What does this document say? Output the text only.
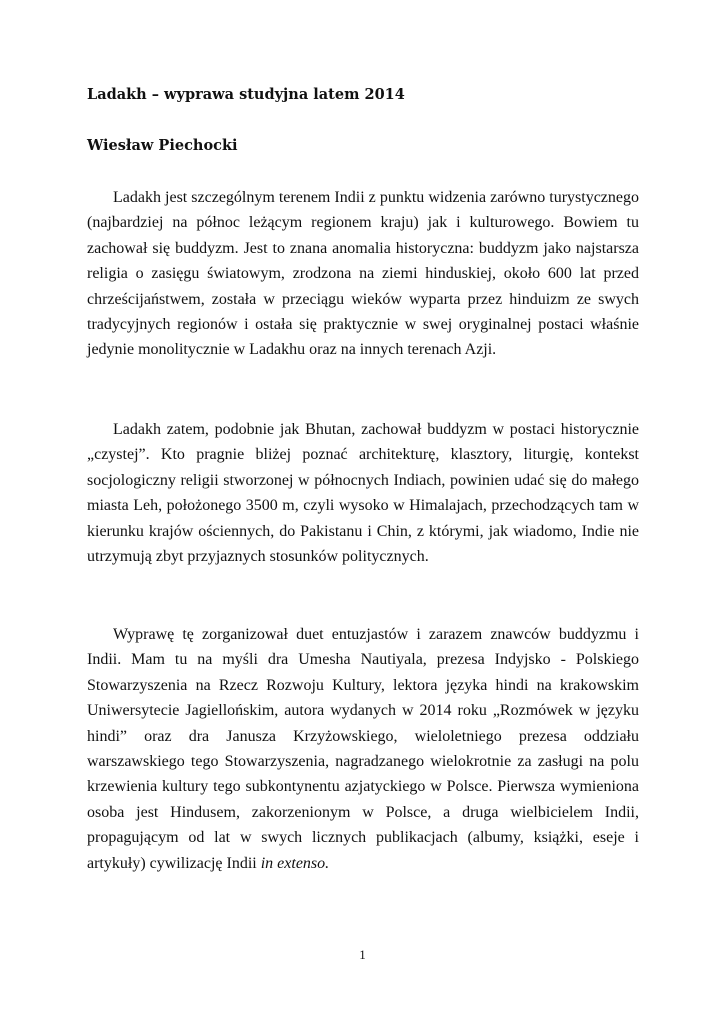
Ladakh – wyprawa studyjna latem 2014

Wiesław Piechocki

Ladakh jest szczególnym terenem Indii z punktu widzenia zarówno turystycznego (najbardziej na północ leżącym regionem kraju) jak i kulturowego. Bowiem tu zachował się buddyzm. Jest to znana anomalia historyczna: buddyzm jako najstarsza religia o zasięgu światowym, zrodzona na ziemi hinduskiej, około 600 lat przed chrześcijaństwem, została w przeciągu wieków wyparta przez hinduizm ze swych tradycyjnych regionów i ostała się praktycznie w swej oryginalnej postaci właśnie jedynie monolitycznie w Ladakhu oraz na innych terenach Azji.

Ladakh zatem, podobnie jak Bhutan, zachował buddyzm w postaci historycznie „czystej”. Kto pragnie bliżej poznać architekturę, klasztory, liturgię, kontekst socjologiczny religii stworzonej w północnych Indiach, powinien udać się do małego miasta Leh, położonego 3500 m, czyli wysoko w Himalajach, przechodzących tam w kierunku krajów ościennych, do Pakistanu i Chin, z którymi, jak wiadomo, Indie nie utrzymują zbyt przyjaznych stosunków politycznych.

Wyprawę tę zorganizował duet entuzjastów i zarazem znawców buddyzmu i Indii. Mam tu na myśli dra Umesha Nautiyala, prezesa Indyjsko - Polskiego Stowarzyszenia na Rzecz Rozwoju Kultury, lektora języka hindi na krakowskim Uniwersytecie Jagiellońskim, autora wydanych w 2014 roku „Rozmówek w języku hindi” oraz dra Janusza Krzyżowskiego, wieloletniego prezesa oddziału warszawskiego tego Stowarzyszenia, nagradzanego wielokrotnie za zasługi na polu krzewienia kultury tego subkontynentu azjatyckiego w Polsce. Pierwsza wymieniona osoba jest Hindusem, zakorzenionym w Polsce, a druga wielbicielem Indii, propagującym od lat w swych licznych publikacjach (albumy, książki, eseje i artykuły) cywilizację Indii in extenso.

1
